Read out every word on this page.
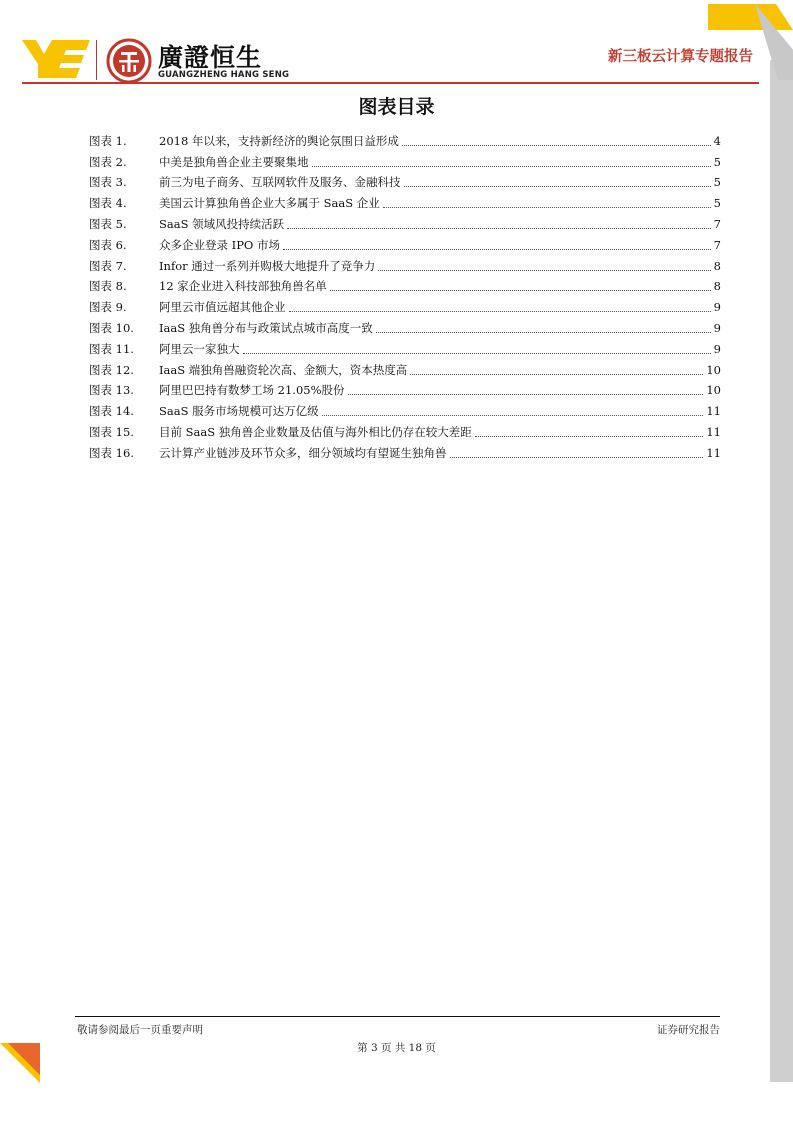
廣證恒生
GUANGZHENG HANG SENG
新三板云计算专题报告
图表目录
图表 1.	2018 年以来，支持新经济的舆论氛围日益形成	4
图表 2.	中美是独角兽企业主要聚集地	5
图表 3.	前三为电子商务、互联网软件及服务、金融科技	5
图表 4.	美国云计算独角兽企业大多属于 SaaS 企业	5
图表 5.	SaaS 领域风投持续活跃	7
图表 6.	众多企业登录 IPO 市场	7
图表 7.	Infor 通过一系列并购极大地提升了竞争力	8
图表 8.	12 家企业进入科技部独角兽名单	8
图表 9.	阿里云市值远超其他企业	9
图表 10.	IaaS 独角兽分布与政策试点城市高度一致	9
图表 11.	阿里云一家独大	9
图表 12.	IaaS 端独角兽融资轮次高、金额大，资本热度高	10
图表 13.	阿里巴巴持有数梦工场 21.05%股份	10
图表 14.	SaaS 服务市场规模可达万亿级	11
图表 15.	目前 SaaS 独角兽企业数量及估值与海外相比仍存在较大差距	11
图表 16.	云计算产业链涉及环节众多，细分领域均有望诞生独角兽	11
敬请参阅最后一页重要声明	证券研究报告
第 3 页 共 18 页
